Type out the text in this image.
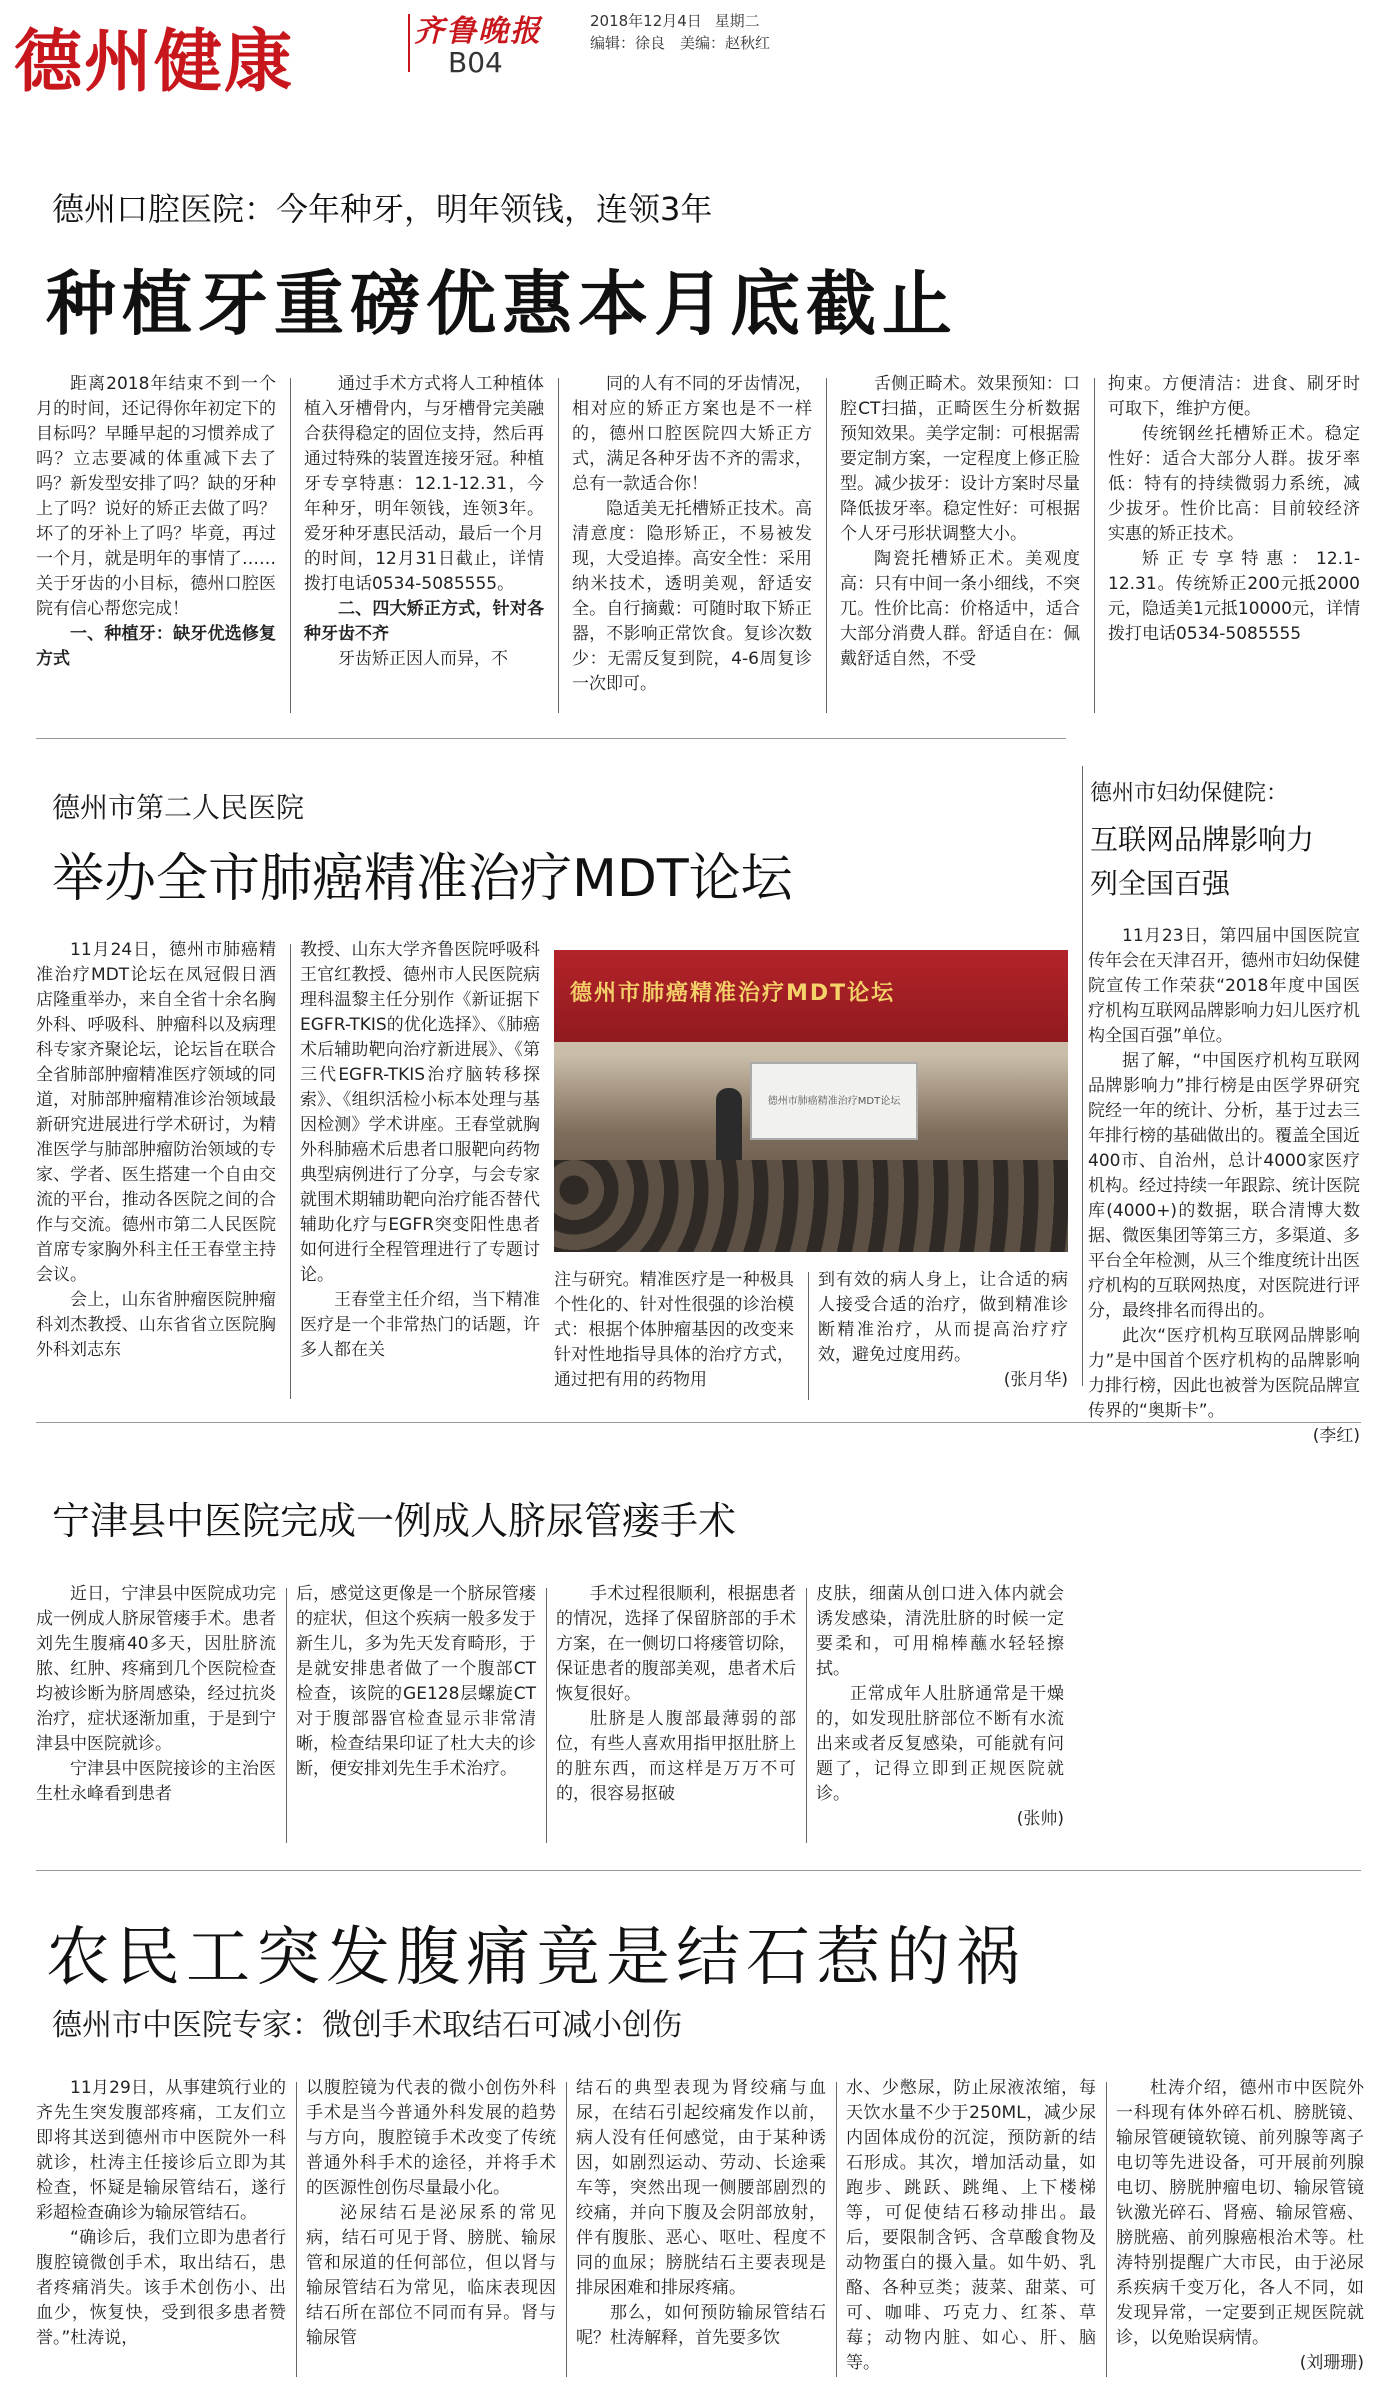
德州健康	齐鲁晚报	2018年12月4日 星期二
编辑：徐良　美编：赵秋红
B04
德州口腔医院：今年种牙，明年领钱，连领3年
种植牙重磅优惠本月底截止

距离2018年结束不到一个月的时间，还记得你年初定下的目标吗？早睡早起的习惯养成了吗？立志要减的体重减下去了吗？新发型安排了吗？缺的牙种上了吗？说好的矫正去做了吗？坏了的牙补上了吗？毕竟，再过一个月，就是明年的事情了……关于牙齿的小目标，德州口腔医院有信心帮您完成！

一、种植牙：缺牙优选修复方式

通过手术方式将人工种植体植入牙槽骨内，与牙槽骨完美融合获得稳定的固位支持，然后再通过特殊的装置连接牙冠。种植牙专享特惠：12.1-12.31，今年种牙，明年领钱，连领3年。爱牙种牙惠民活动，最后一个月的时间，12月31日截止，详情拨打电话0534-5085555。

二、四大矫正方式，针对各种牙齿不齐

牙齿矫正因人而异，不

同的人有不同的牙齿情况，相对应的矫正方案也是不一样的，德州口腔医院四大矫正方式，满足各种牙齿不齐的需求，总有一款适合你！

隐适美无托槽矫正技术。高清意度：隐形矫正，不易被发现，大受追捧。高安全性：采用纳米技术，透明美观，舒适安全。自行摘戴：可随时取下矫正器，不影响正常饮食。复诊次数少：无需反复到院，4-6周复诊一次即可。

舌侧正畸术。效果预知：口腔CT扫描，正畸医生分析数据预知效果。美学定制：可根据需要定制方案，一定程度上修正脸型。减少拔牙：设计方案时尽量降低拔牙率。稳定性好：可根据个人牙弓形状调整大小。

陶瓷托槽矫正术。美观度高：只有中间一条小细线，不突兀。性价比高：价格适中，适合大部分消费人群。舒适自在：佩戴舒适自然，不受

拘束。方便清洁：进食、刷牙时可取下，维护方便。

传统钢丝托槽矫正术。稳定性好：适合大部分人群。拔牙率低：特有的持续微弱力系统，减少拔牙。性价比高：目前较经济实惠的矫正技术。

矫正专享特惠：12.1-12.31。传统矫正200元抵2000元，隐适美1元抵10000元，详情拨打电话0534-5085555

德州市第二人民医院
举办全市肺癌精准治疗MDT论坛

11月24日，德州市肺癌精准治疗MDT论坛在凤冠假日酒店隆重举办，来自全省十余名胸外科、呼吸科、肿瘤科以及病理科专家齐聚论坛，论坛旨在联合全省肺部肿瘤精准医疗领域的同道，对肺部肿瘤精准诊治领域最新研究进展进行学术研讨，为精准医学与肺部肿瘤防治领域的专家、学者、医生搭建一个自由交流的平台，推动各医院之间的合作与交流。德州市第二人民医院首席专家胸外科主任王春堂主持会议。

会上，山东省肿瘤医院肿瘤科刘杰教授、山东省省立医院胸外科刘志东

教授、山东大学齐鲁医院呼吸科王官红教授、德州市人民医院病理科温黎主任分别作《新证据下EGFR-TKIS的优化选择》、《肺癌术后辅助靶向治疗新进展》、《第三代EGFR-TKIS治疗脑转移探索》、《组织活检小标本处理与基因检测》学术讲座。王春堂就胸外科肺癌术后患者口服靶向药物典型病例进行了分享，与会专家就围术期辅助靶向治疗能否替代辅助化疗与EGFR突变阳性患者如何进行全程管理进行了专题讨论。

王春堂主任介绍，当下精准医疗是一个非常热门的话题，许多人都在关

德州市肺癌精准治疗MDT论坛
德州市肺癌精准治疗MDT论坛

注与研究。精准医疗是一种极具个性化的、针对性很强的诊治模式：根据个体肿瘤基因的改变来针对性地指导具体的治疗方式，通过把有用的药物用

到有效的病人身上，让合适的病人接受合适的治疗，做到精准诊断精准治疗，从而提高治疗疗效，避免过度用药。

(张月华)
德州市妇幼保健院：
互联网品牌影响力
列全国百强

11月23日，第四届中国医院宣传年会在天津召开，德州市妇幼保健院宣传工作荣获“2018年度中国医疗机构互联网品牌影响力妇儿医疗机构全国百强”单位。

据了解，“中国医疗机构互联网品牌影响力”排行榜是由医学界研究院经一年的统计、分析，基于过去三年排行榜的基础做出的。覆盖全国近400市、自治州，总计4000家医疗机构。经过持续一年跟踪、统计医院库(4000+)的数据，联合清博大数据、微医集团等第三方，多渠道、多平台全年检测，从三个维度统计出医疗机构的互联网热度，对医院进行评分，最终排名而得出的。

此次“医疗机构互联网品牌影响力”是中国首个医疗机构的品牌影响力排行榜，因此也被誉为医院品牌宣传界的“奥斯卡”。

(李红)
宁津县中医院完成一例成人脐尿管瘘手术

近日，宁津县中医院成功完成一例成人脐尿管瘘手术。患者刘先生腹痛40多天，因肚脐流脓、红肿、疼痛到几个医院检查均被诊断为脐周感染，经过抗炎治疗，症状逐渐加重，于是到宁津县中医院就诊。

宁津县中医院接诊的主治医生杜永峰看到患者

后，感觉这更像是一个脐尿管瘘的症状，但这个疾病一般多发于新生儿，多为先天发育畸形，于是就安排患者做了一个腹部CT检查，该院的GE128层螺旋CT对于腹部器官检查显示非常清晰，检查结果印证了杜大夫的诊断，便安排刘先生手术治疗。

手术过程很顺利，根据患者的情况，选择了保留脐部的手术方案，在一侧切口将瘘管切除，保证患者的腹部美观，患者术后恢复很好。

肚脐是人腹部最薄弱的部位，有些人喜欢用指甲抠肚脐上的脏东西，而这样是万万不可的，很容易抠破

皮肤，细菌从创口进入体内就会诱发感染，清洗肚脐的时候一定要柔和，可用棉棒蘸水轻轻擦拭。

正常成年人肚脐通常是干燥的，如发现肚脐部位不断有水流出来或者反复感染，可能就有问题了，记得立即到正规医院就诊。

(张帅)
农民工突发腹痛竟是结石惹的祸
德州市中医院专家：微创手术取结石可减小创伤

11月29日，从事建筑行业的齐先生突发腹部疼痛，工友们立即将其送到德州市中医院外一科就诊，杜涛主任接诊后立即为其检查，怀疑是输尿管结石，遂行彩超检查确诊为输尿管结石。

“确诊后，我们立即为患者行腹腔镜微创手术，取出结石，患者疼痛消失。该手术创伤小、出血少，恢复快，受到很多患者赞誉。”杜涛说，

以腹腔镜为代表的微小创伤外科手术是当今普通外科发展的趋势与方向，腹腔镜手术改变了传统普通外科手术的途径，并将手术的医源性创伤尽量最小化。

泌尿结石是泌尿系的常见病，结石可见于肾、膀胱、输尿管和尿道的任何部位，但以肾与输尿管结石为常见，临床表现因结石所在部位不同而有异。肾与输尿管

结石的典型表现为肾绞痛与血尿，在结石引起绞痛发作以前，病人没有任何感觉，由于某种诱因，如剧烈运动、劳动、长途乘车等，突然出现一侧腰部剧烈的绞痛，并向下腹及会阴部放射，伴有腹胀、恶心、呕吐、程度不同的血尿；膀胱结石主要表现是排尿困难和排尿疼痛。

那么，如何预防输尿管结石呢？杜涛解释，首先要多饮

水、少憋尿，防止尿液浓缩，每天饮水量不少于250ML，减少尿内固体成份的沉淀，预防新的结石形成。其次，增加活动量，如跑步、跳跃、跳绳、上下楼梯等，可促使结石移动排出。最后，要限制含钙、含草酸食物及动物蛋白的摄入量。如牛奶、乳酪、各种豆类；菠菜、甜菜、可可、咖啡、巧克力、红茶、草莓；动物内脏、如心、肝、脑等。

杜涛介绍，德州市中医院外一科现有体外碎石机、膀胱镜、输尿管硬镜软镜、前列腺等离子电切等先进设备，可开展前列腺电切、膀胱肿瘤电切、输尿管镜钬激光碎石、肾癌、输尿管癌、膀胱癌、前列腺癌根治术等。杜涛特别提醒广大市民，由于泌尿系疾病千变万化，各人不同，如发现异常，一定要到正规医院就诊，以免贻误病情。

(刘珊珊)
